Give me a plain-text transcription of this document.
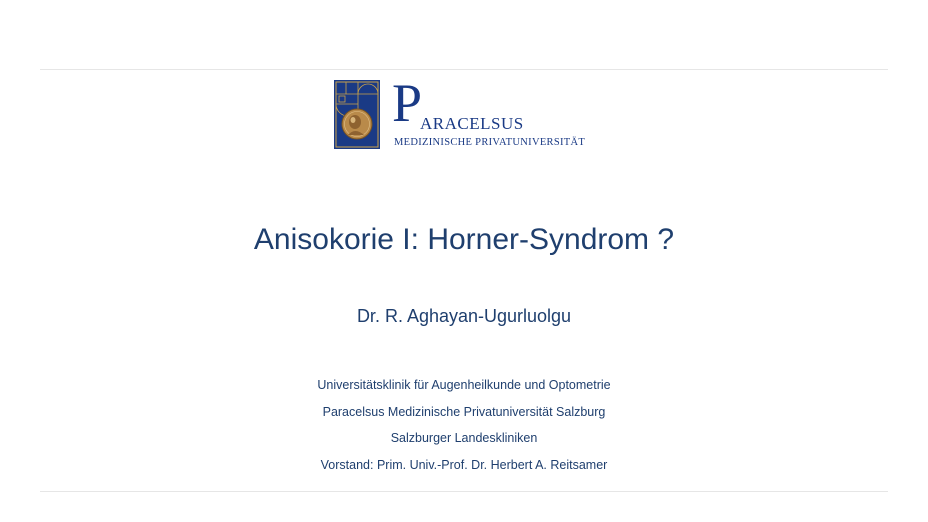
P
ARACELSUS
MEDIZINISCHE PRIVATUNIVERSITÄT
Anisokorie I: Horner-Syndrom ?
Dr. R. Aghayan-Ugurluolgu
Universitätsklinik für Augenheilkunde und Optometrie
Paracelsus Medizinische Privatuniversität Salzburg
Salzburger Landeskliniken
Vorstand: Prim. Univ.-Prof. Dr. Herbert A. Reitsamer
